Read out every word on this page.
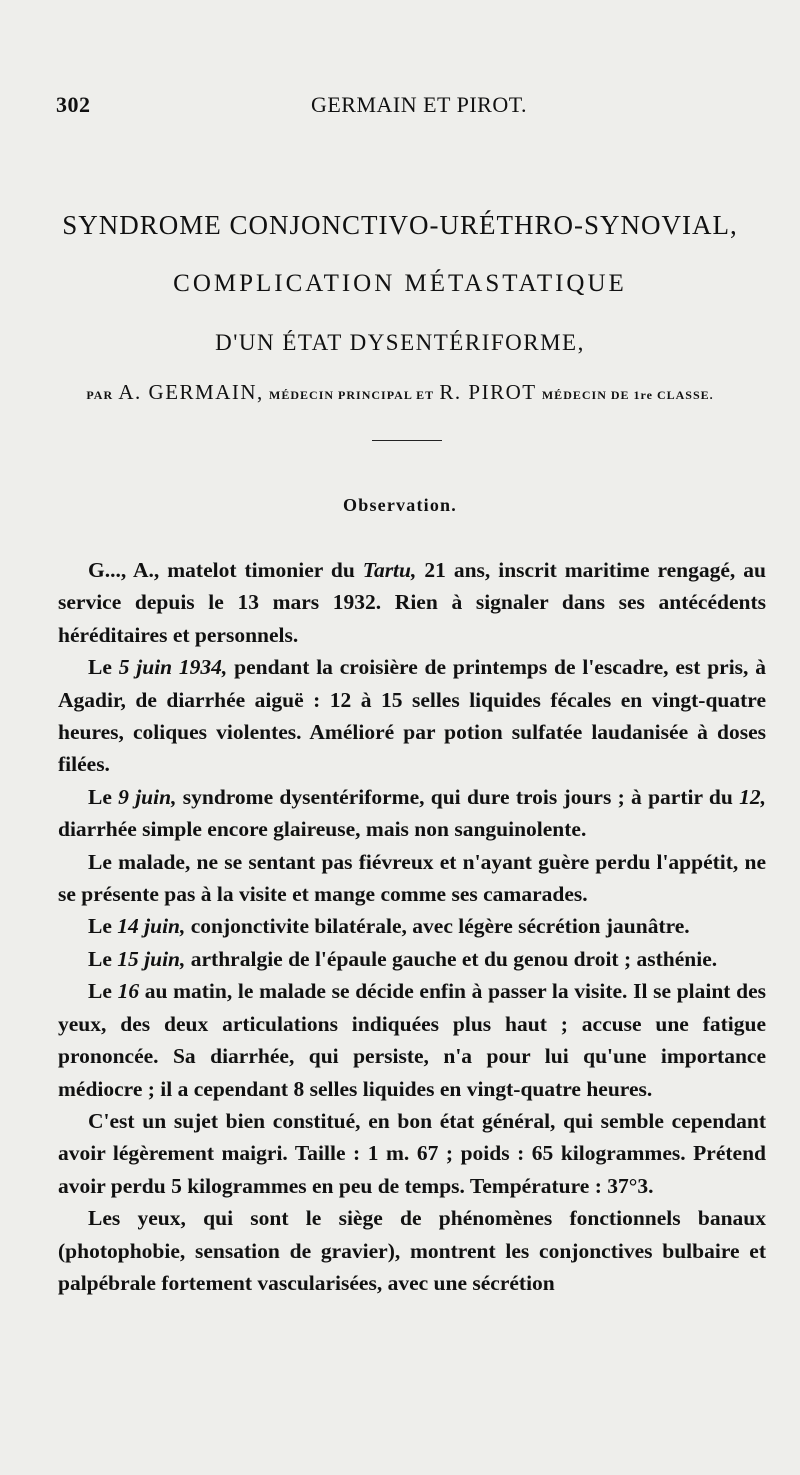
302	GERMAIN ET PIROT.
SYNDROME CONJONCTIVO-URÉTHRO-SYNOVIAL,
COMPLICATION MÉTASTATIQUE
D'UN ÉTAT DYSENTÉRIFORME,
PAR A. GERMAIN, MÉDECIN PRINCIPAL ET R. PIROT MÉDECIN DE 1re CLASSE.
Observation.

G..., A., matelot timonier du Tartu, 21 ans, inscrit maritime rengagé, au service depuis le 13 mars 1932. Rien à signaler dans ses antécédents héréditaires et personnels.

Le 5 juin 1934, pendant la croisière de printemps de l'escadre, est pris, à Agadir, de diarrhée aiguë : 12 à 15 selles liquides fécales en vingt-quatre heures, coliques violentes. Amélioré par potion sulfatée laudanisée à doses filées.

Le 9 juin, syndrome dysentériforme, qui dure trois jours ; à partir du 12, diarrhée simple encore glaireuse, mais non sanguinolente.

Le malade, ne se sentant pas fiévreux et n'ayant guère perdu l'appétit, ne se présente pas à la visite et mange comme ses camarades.

Le 14 juin, conjonctivite bilatérale, avec légère sécrétion jaunâtre.

Le 15 juin, arthralgie de l'épaule gauche et du genou droit ; asthénie.

Le 16 au matin, le malade se décide enfin à passer la visite. Il se plaint des yeux, des deux articulations indiquées plus haut ; accuse une fatigue prononcée. Sa diarrhée, qui persiste, n'a pour lui qu'une importance médiocre ; il a cependant 8 selles liquides en vingt-quatre heures.

C'est un sujet bien constitué, en bon état général, qui semble cependant avoir légèrement maigri. Taille : 1 m. 67 ; poids : 65 kilogrammes. Prétend avoir perdu 5 kilogrammes en peu de temps. Température : 37°3.

Les yeux, qui sont le siège de phénomènes fonctionnels banaux (photophobie, sensation de gravier), montrent les conjonctives bulbaire et palpébrale fortement vascularisées, avec une sécrétion
